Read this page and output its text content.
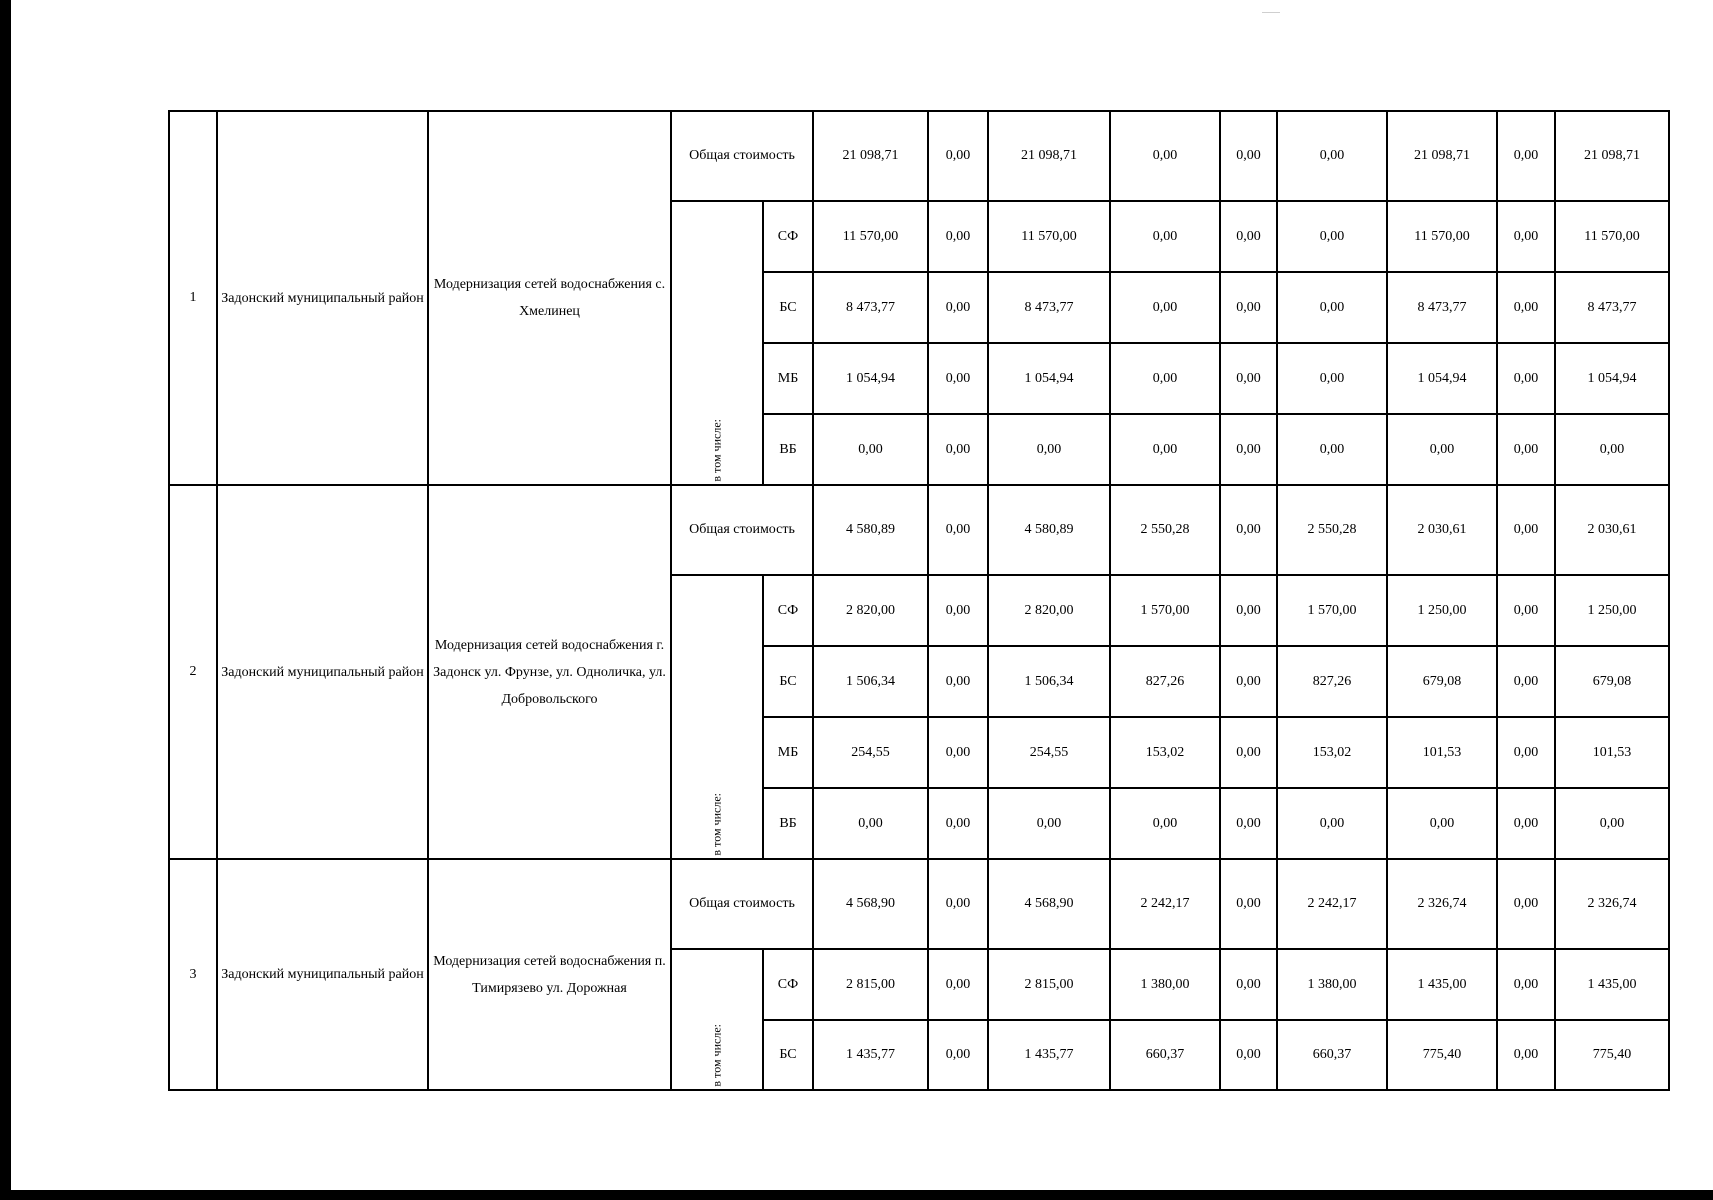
1	Задонский муниципальный район	Модернизация сетей водоснабжения с. Хмелинец	Общая стоимость		21 098,71	0,00	21 098,71	0,00	0,00	0,00	21 098,71	0,00	21 098,71

			в том числе:	СФ	11 570,00	0,00	11 570,00	0,00	0,00	0,00	11 570,00	0,00	11 570,00
				БС	8 473,77	0,00	8 473,77	0,00	0,00	0,00	8 473,77	0,00	8 473,77
				МБ	1 054,94	0,00	1 054,94	0,00	0,00	0,00	1 054,94	0,00	1 054,94
				ВБ	0,00	0,00	0,00	0,00	0,00	0,00	0,00	0,00	0,00
2	Задонский муниципальный район	Модернизация сетей водоснабжения г. Задонск ул. Фрунзе, ул. Одноличка, ул. Добровольского	Общая стоимость		4 580,89	0,00	4 580,89	2 550,28	0,00	2 550,28	2 030,61	0,00	2 030,61

			в том числе:	СФ	2 820,00	0,00	2 820,00	1 570,00	0,00	1 570,00	1 250,00	0,00	1 250,00
				БС	1 506,34	0,00	1 506,34	827,26	0,00	827,26	679,08	0,00	679,08
				МБ	254,55	0,00	254,55	153,02	0,00	153,02	101,53	0,00	101,53
				ВБ	0,00	0,00	0,00	0,00	0,00	0,00	0,00	0,00	0,00
3	Задонский муниципальный район	Модернизация сетей водоснабжения п. Тимирязево ул. Дорожная	Общая стоимость		4 568,90	0,00	4 568,90	2 242,17	0,00	2 242,17	2 326,74	0,00	2 326,74

			в том числе:	СФ	2 815,00	0,00	2 815,00	1 380,00	0,00	1 380,00	1 435,00	0,00	1 435,00
				БС	1 435,77	0,00	1 435,77	660,37	0,00	660,37	775,40	0,00	775,40
